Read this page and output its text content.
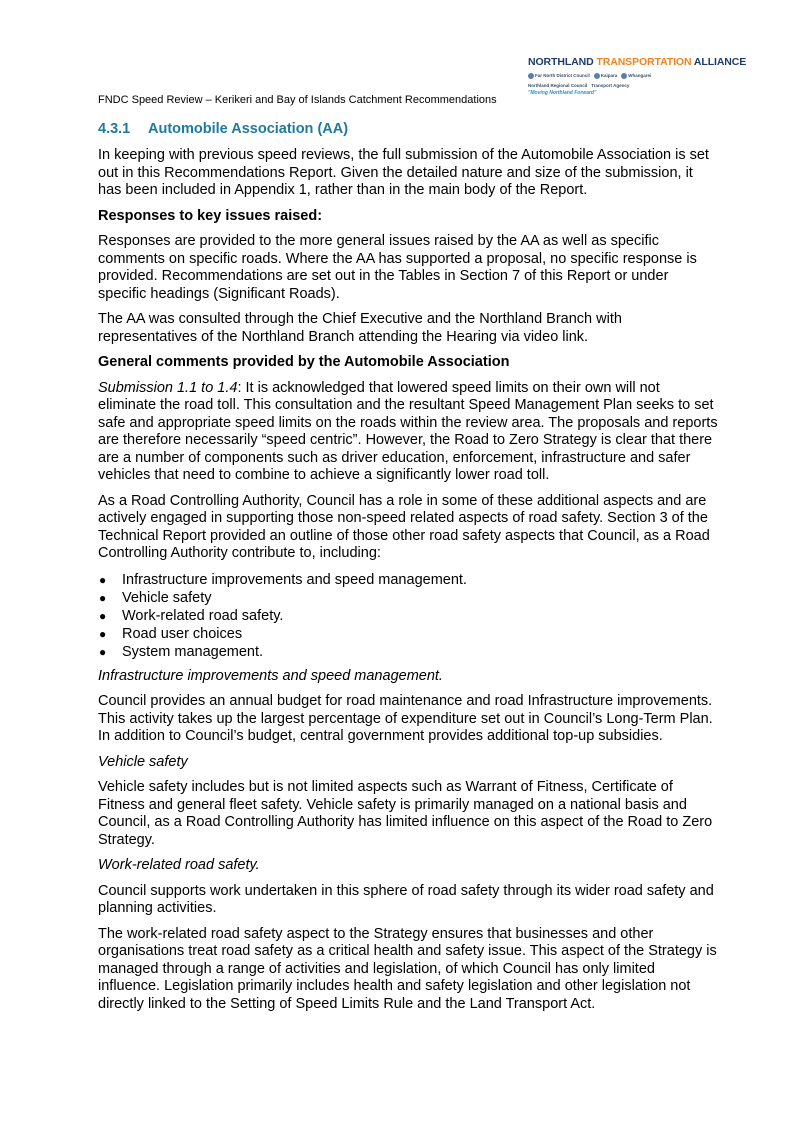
NORTHLAND TRANSPORTATION ALLIANCE
Far North District Council	Kaipara	Whangarei
Northland Regional Council Transport Agency
"Moving Northland Forward"
FNDC Speed Review – Kerikeri and Bay of Islands Catchment Recommendations
4.3.1	Automobile Association (AA)

In keeping with previous speed reviews, the full submission of the Automobile Association is set out in this Recommendations Report. Given the detailed nature and size of the submission, it has been included in Appendix 1, rather than in the main body of the Report.

Responses to key issues raised:

Responses are provided to the more general issues raised by the AA as well as specific comments on specific roads. Where the AA has supported a proposal, no specific response is provided. Recommendations are set out in the Tables in Section 7 of this Report or under specific headings (Significant Roads).

The AA was consulted through the Chief Executive and the Northland Branch with representatives of the Northland Branch attending the Hearing via video link.

General comments provided by the Automobile Association

Submission 1.1 to 1.4: It is acknowledged that lowered speed limits on their own will not eliminate the road toll. This consultation and the resultant Speed Management Plan seeks to set safe and appropriate speed limits on the roads within the review area. The proposals and reports are therefore necessarily “speed centric”. However, the Road to Zero Strategy is clear that there are a number of components such as driver education, enforcement, infrastructure and safer vehicles that need to combine to achieve a significantly lower road toll.

As a Road Controlling Authority, Council has a role in some of these additional aspects and are actively engaged in supporting those non-speed related aspects of road safety. Section 3 of the Technical Report provided an outline of those other road safety aspects that Council, as a Road Controlling Authority contribute to, including:

● Infrastructure improvements and speed management.
● Vehicle safety
● Work-related road safety.
● Road user choices
● System management.

Infrastructure improvements and speed management.

Council provides an annual budget for road maintenance and road Infrastructure improvements. This activity takes up the largest percentage of expenditure set out in Council’s Long-Term Plan. In addition to Council’s budget, central government provides additional top-up subsidies.

Vehicle safety

Vehicle safety includes but is not limited aspects such as Warrant of Fitness, Certificate of Fitness and general fleet safety. Vehicle safety is primarily managed on a national basis and Council, as a Road Controlling Authority has limited influence on this aspect of the Road to Zero Strategy.

Work-related road safety.

Council supports work undertaken in this sphere of road safety through its wider road safety and planning activities.

The work-related road safety aspect to the Strategy ensures that businesses and other organisations treat road safety as a critical health and safety issue. This aspect of the Strategy is managed through a range of activities and legislation, of which Council has only limited influence. Legislation primarily includes health and safety legislation and other legislation not directly linked to the Setting of Speed Limits Rule and the Land Transport Act.
